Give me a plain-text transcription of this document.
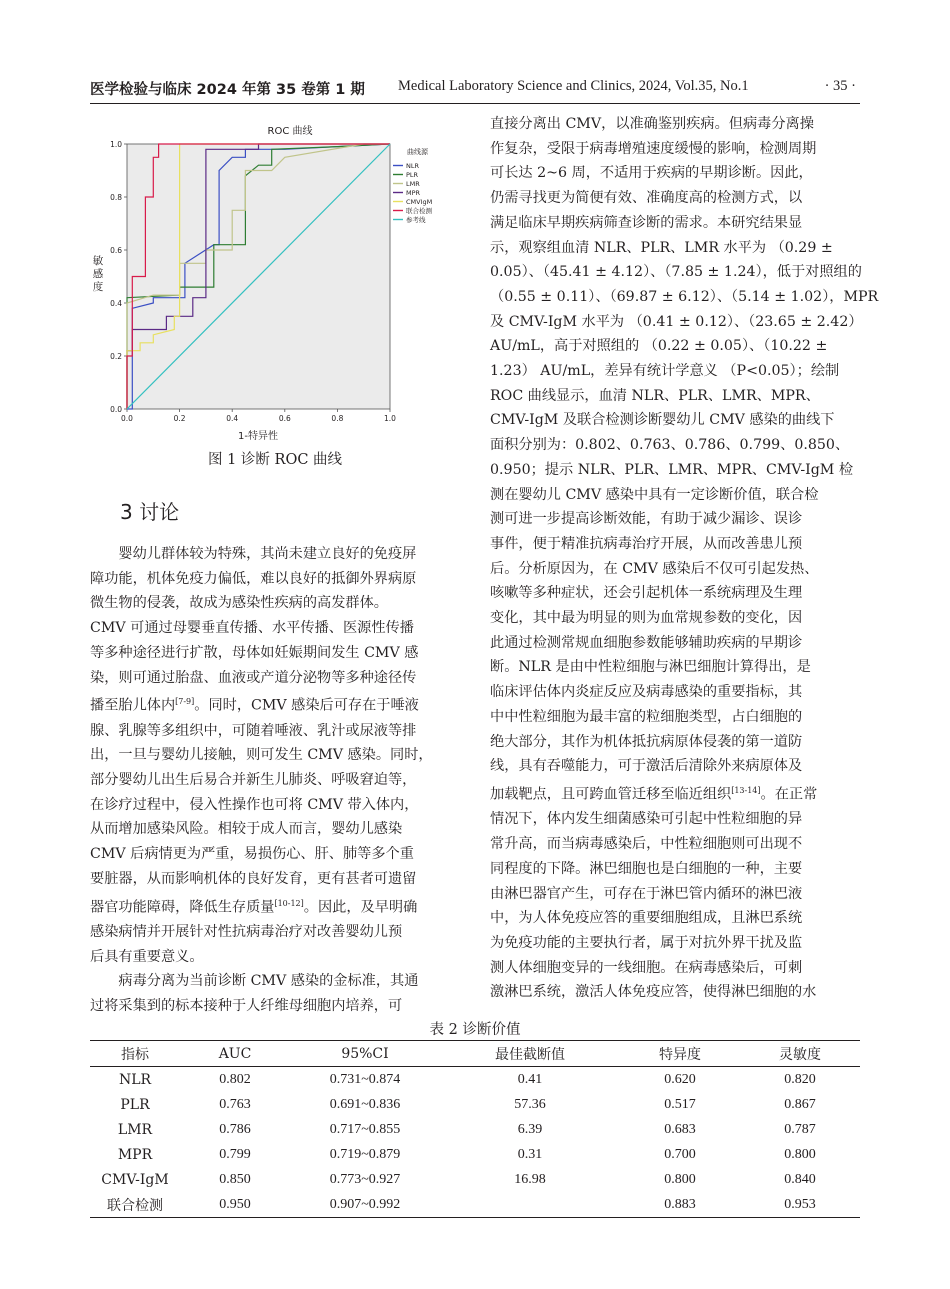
医学检验与临床 2024 年第 35 卷第 1 期 Medical Laboratory Science and Clinics, 2024, Vol.35, No.1	· 35 ·
ROC 曲线
0.0	0.2	0.4	0.6	0.8	1.0
0.0
0.2
0.4
0.6
0.8
1.0
1-特异性
敏
感
度
曲线源
NLR
PLR
LMR
MPR
CMVIgM
联合检测
参考线
图 1 诊断 ROC 曲线
3 讨论
　　婴幼儿群体较为特殊，其尚未建立良好的免疫屏
障功能，机体免疫力偏低，难以良好的抵御外界病原
微生物的侵袭，故成为感染性疾病的高发群体。
CMV 可通过母婴垂直传播、水平传播、医源性传播
等多种途径进行扩散，母体如妊娠期间发生 CMV 感
染，则可通过胎盘、血液或产道分泌物等多种途径传
播至胎儿体内[7-9]。同时，CMV 感染后可存在于唾液
腺、乳腺等多组织中，可随着唾液、乳汁或尿液等排
出，一旦与婴幼儿接触，则可发生 CMV 感染。同时，
部分婴幼儿出生后易合并新生儿肺炎、呼吸窘迫等，
在诊疗过程中，侵入性操作也可将 CMV 带入体内，
从而增加感染风险。相较于成人而言，婴幼儿感染
CMV 后病情更为严重，易损伤心、肝、肺等多个重
要脏器，从而影响机体的良好发育，更有甚者可遗留
器官功能障碍，降低生存质量[10-12]。因此，及早明确
感染病情并开展针对性抗病毒治疗对改善婴幼儿预
后具有重要意义。
　　病毒分离为当前诊断 CMV 感染的金标准，其通
过将采集到的标本接种于人纤维母细胞内培养，可
直接分离出 CMV，以准确鉴别疾病。但病毒分离操
作复杂，受限于病毒增殖速度缓慢的影响，检测周期
可长达 2~6 周，不适用于疾病的早期诊断。因此，
仍需寻找更为简便有效、准确度高的检测方式，以
满足临床早期疾病筛查诊断的需求。本研究结果显
示，观察组血清 NLR、PLR、LMR 水平为 （0.29 ±
0.05）、（45.41 ± 4.12）、（7.85 ± 1.24），低于对照组的
（0.55 ± 0.11）、（69.87 ± 6.12）、（5.14 ± 1.02），MPR
及 CMV-IgM 水平为 （0.41 ± 0.12）、（23.65 ± 2.42）
AU/mL，高于对照组的 （0.22 ± 0.05）、（10.22 ±
1.23） AU/mL，差异有统计学意义 （P<0.05）；绘制
ROC 曲线显示，血清 NLR、PLR、LMR、MPR、
CMV-IgM 及联合检测诊断婴幼儿 CMV 感染的曲线下
面积分别为：0.802、0.763、0.786、0.799、0.850、
0.950；提示 NLR、PLR、LMR、MPR、CMV-IgM 检
测在婴幼儿 CMV 感染中具有一定诊断价值，联合检
测可进一步提高诊断效能，有助于减少漏诊、误诊
事件，便于精准抗病毒治疗开展，从而改善患儿预
后。分析原因为，在 CMV 感染后不仅可引起发热、
咳嗽等多种症状，还会引起机体一系统病理及生理
变化，其中最为明显的则为血常规参数的变化，因
此通过检测常规血细胞参数能够辅助疾病的早期诊
断。NLR 是由中性粒细胞与淋巴细胞计算得出，是
临床评估体内炎症反应及病毒感染的重要指标，其
中中性粒细胞为最丰富的粒细胞类型，占白细胞的
绝大部分，其作为机体抵抗病原体侵袭的第一道防
线，具有吞噬能力，可于激活后清除外来病原体及
加载靶点，且可跨血管迁移至临近组织[13-14]。在正常
情况下，体内发生细菌感染可引起中性粒细胞的异
常升高，而当病毒感染后，中性粒细胞则可出现不
同程度的下降。淋巴细胞也是白细胞的一种，主要
由淋巴器官产生，可存在于淋巴管内循环的淋巴液
中，为人体免疫应答的重要细胞组成，且淋巴系统
为免疫功能的主要执行者，属于对抗外界干扰及监
测人体细胞变异的一线细胞。在病毒感染后，可刺
激淋巴系统，激活人体免疫应答，使得淋巴细胞的水
表 2 诊断价值
指标	AUC	95%CI	最佳截断值	特异度	灵敏度
NLR	0.802	0.731~0.874	0.41	0.620	0.820
PLR	0.763	0.691~0.836	57.36	0.517	0.867
LMR	0.786	0.717~0.855	6.39	0.683	0.787
MPR	0.799	0.719~0.879	0.31	0.700	0.800
CMV-IgM	0.850	0.773~0.927	16.98	0.800	0.840
联合检测	0.950	0.907~0.992		0.883	0.953
